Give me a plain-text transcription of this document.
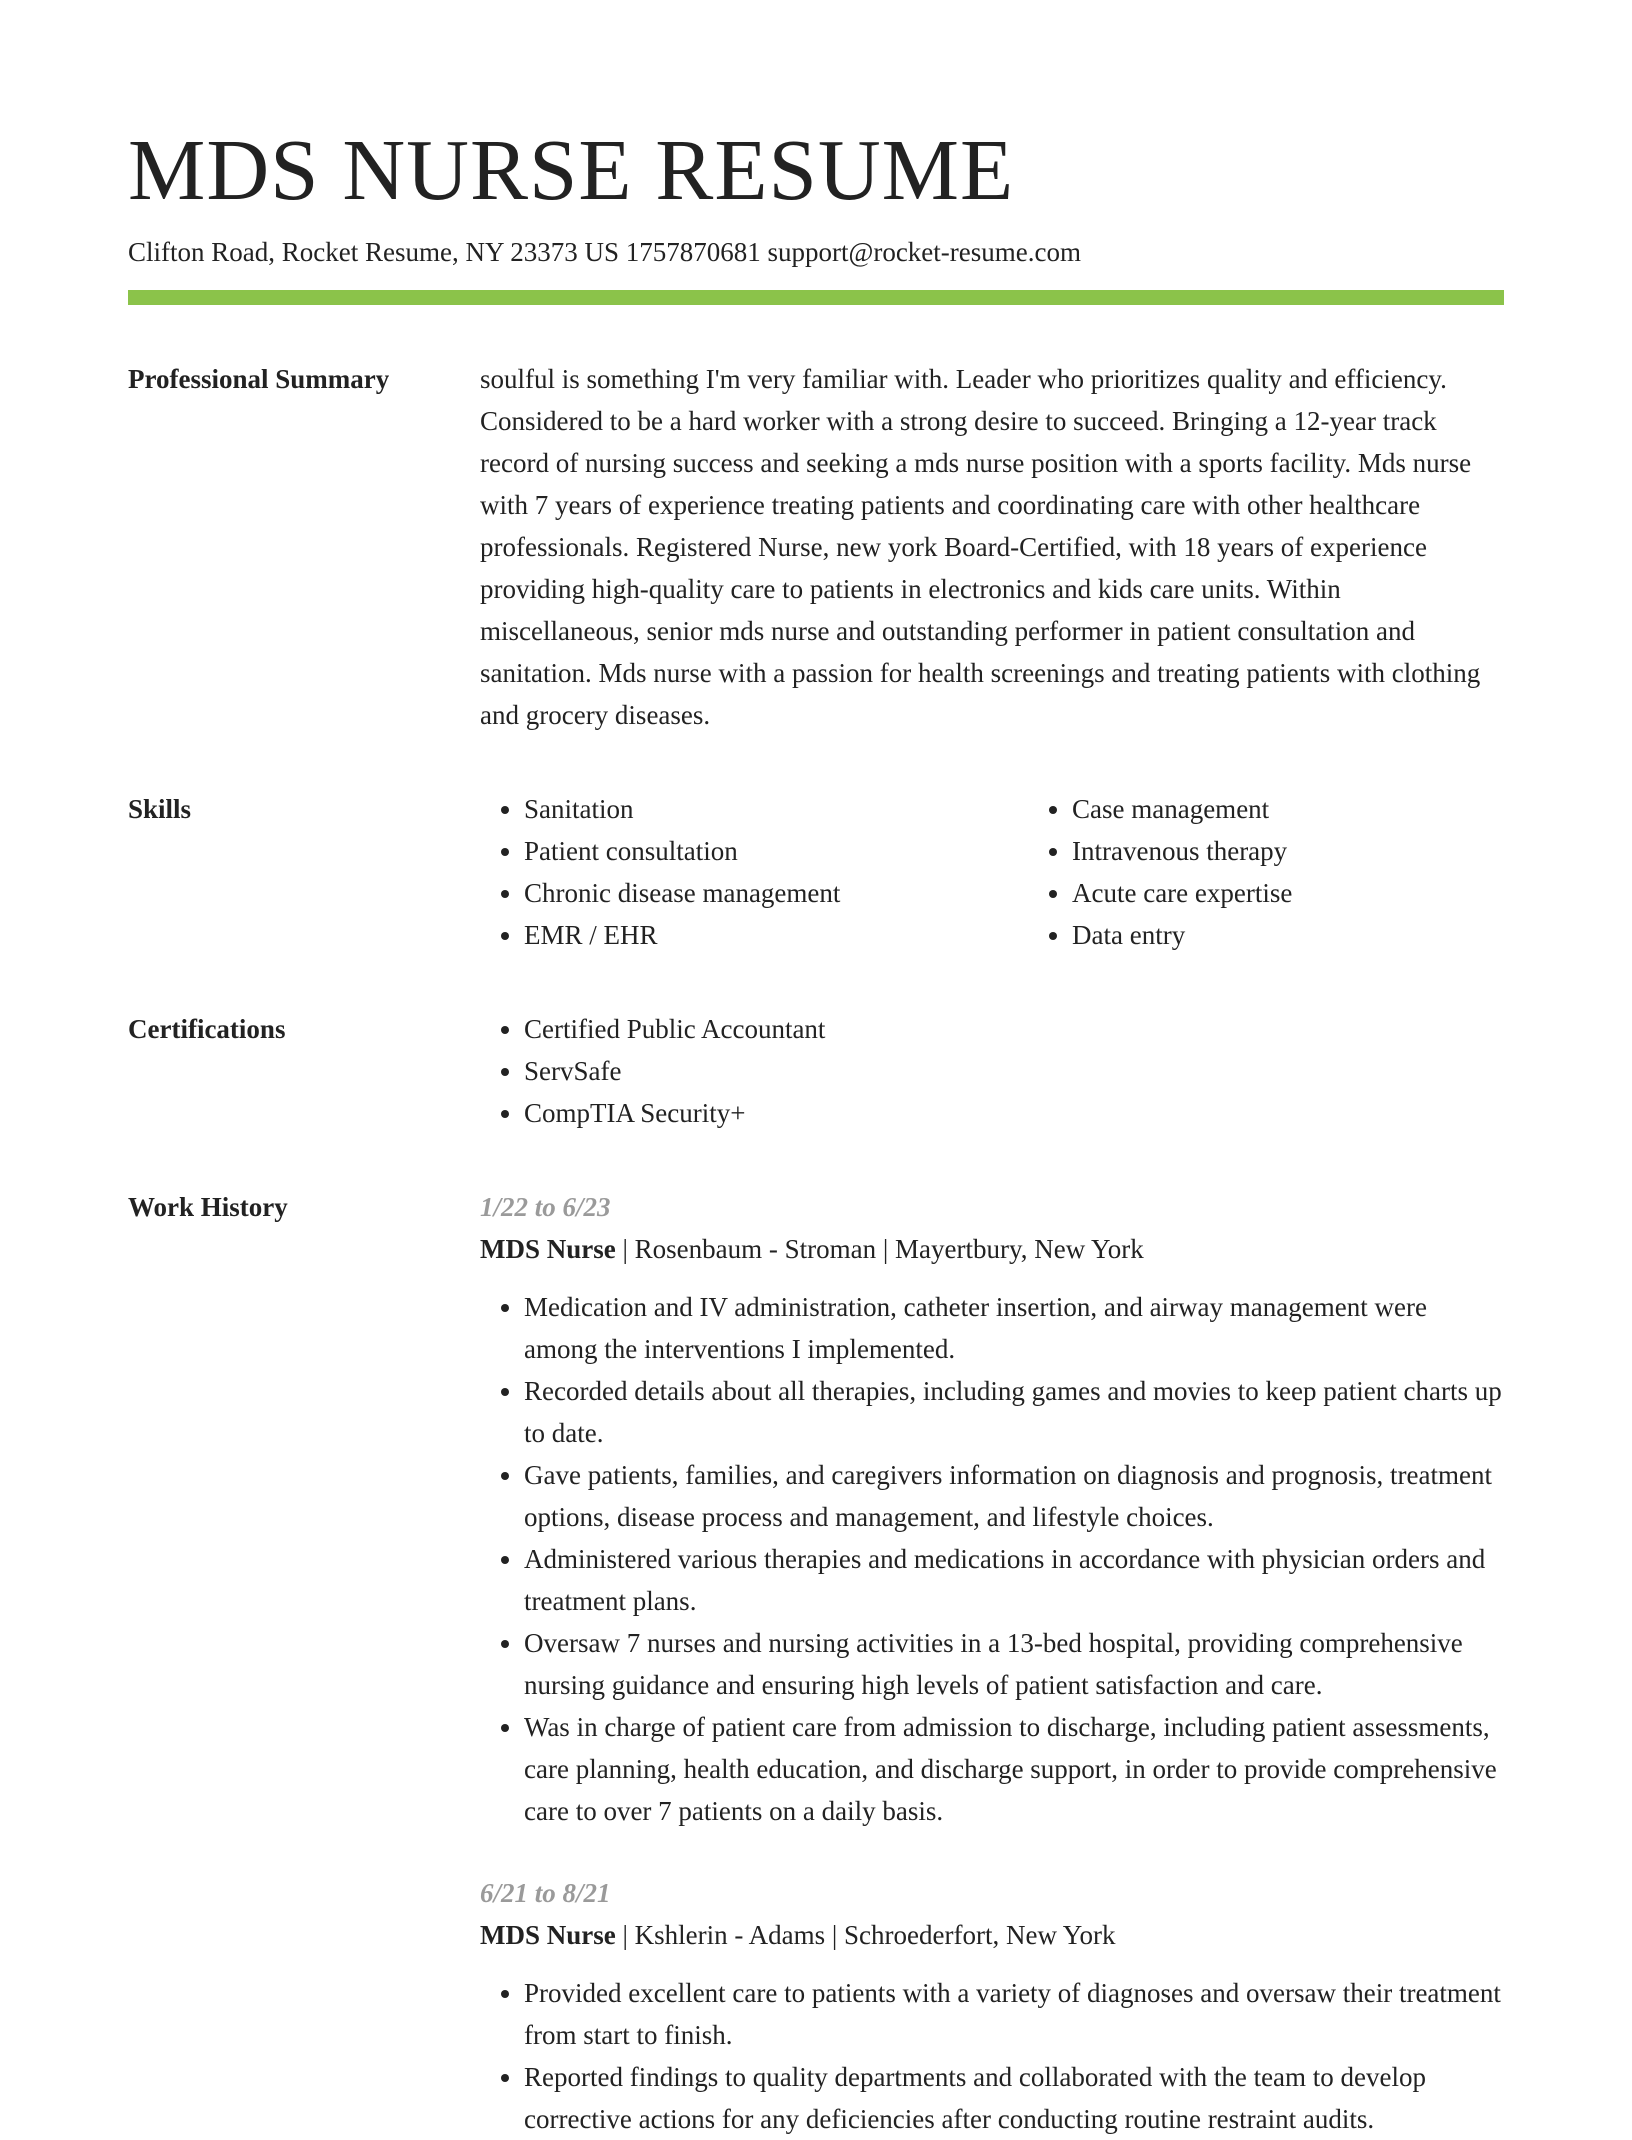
MDS NURSE RESUME
Clifton Road, Rocket Resume, NY 23373 US 1757870681 support@rocket-resume.com
Professional Summary	soulful is something I'm very familiar with. Leader who prioritizes quality and efficiency. Considered to be a hard worker with a strong desire to succeed. Bringing a 12-year track record of nursing success and seeking a mds nurse position with a sports facility. Mds nurse with 7 years of experience treating patients and coordinating care with other healthcare professionals. Registered Nurse, new york Board-Certified, with 18 years of experience providing high-quality care to patients in electronics and kids care units. Within miscellaneous, senior mds nurse and outstanding performer in patient consultation and sanitation. Mds nurse with a passion for health screenings and treating patients with clothing and grocery diseases.
Skills	• Sanitation
• Patient consultation
• Chronic disease management
• EMR / EHR
• Case management
• Intravenous therapy
• Acute care expertise
• Data entry
Certifications	• Certified Public Accountant
• ServSafe
• CompTIA Security+
Work History	1/22 to 6/23
MDS Nurse | Rosenbaum - Stroman | Mayertbury, New York
• Medication and IV administration, catheter insertion, and airway management were among the interventions I implemented.
• Recorded details about all therapies, including games and movies to keep patient charts up to date.
• Gave patients, families, and caregivers information on diagnosis and prognosis, treatment options, disease process and management, and lifestyle choices.
• Administered various therapies and medications in accordance with physician orders and treatment plans.
• Oversaw 7 nurses and nursing activities in a 13-bed hospital, providing comprehensive nursing guidance and ensuring high levels of patient satisfaction and care.
• Was in charge of patient care from admission to discharge, including patient assessments, care planning, health education, and discharge support, in order to provide comprehensive care to over 7 patients on a daily basis.
6/21 to 8/21
MDS Nurse | Kshlerin - Adams | Schroederfort, New York
• Provided excellent care to patients with a variety of diagnoses and oversaw their treatment from start to finish.
• Reported findings to quality departments and collaborated with the team to develop corrective actions for any deficiencies after conducting routine restraint audits.
